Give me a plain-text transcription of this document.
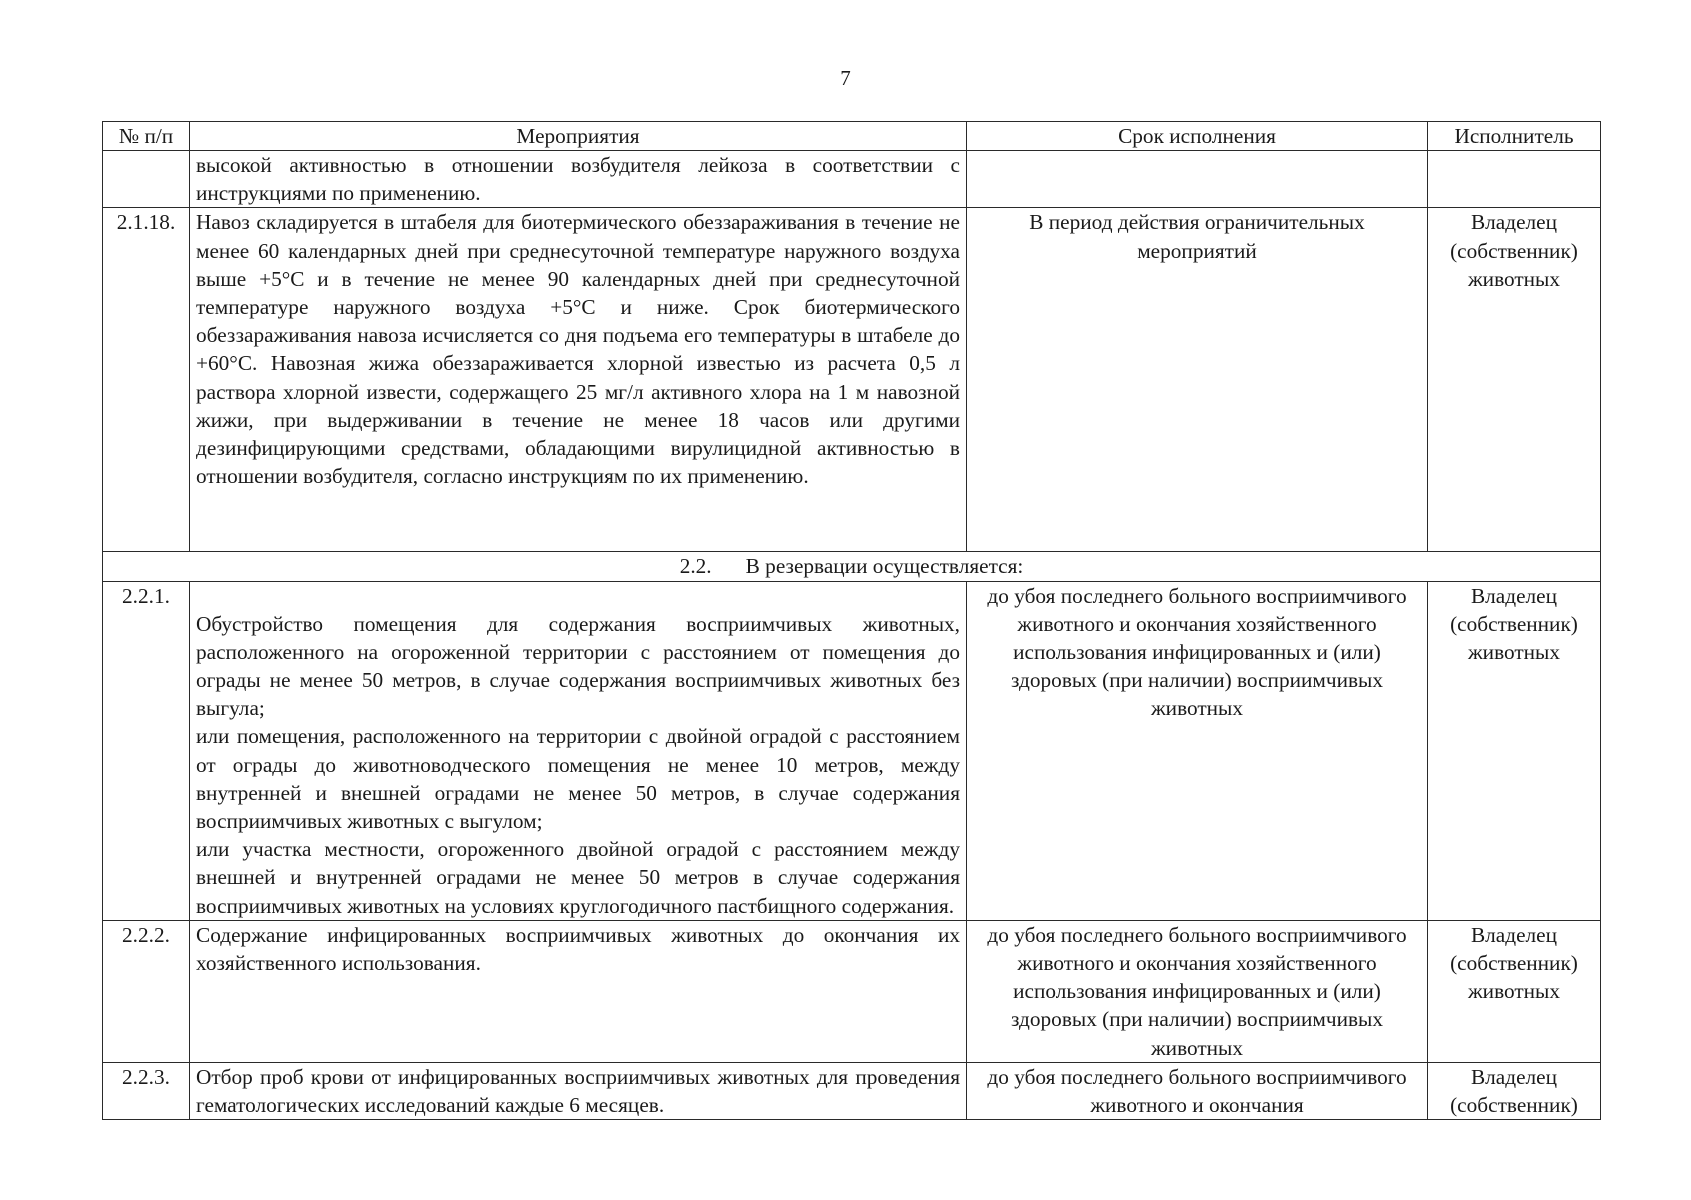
7
№ п/п	Мероприятия	Срок исполнения	Исполнитель
	высокой активностью в отношении возбудителя лейкоза в соответствии с инструкциями по применению.		
2.1.18.	Навоз складируется в штабеля для биотермического обеззараживания в течение не менее 60 календарных дней при среднесуточной температуре наружного воздуха выше +5°С и в течение не менее 90 календарных дней при среднесуточной температуре наружного воздуха +5°С и ниже. Срок биотермического обеззараживания навоза исчисляется со дня подъема его температуры в штабеле до +60°С. Навозная жижа обеззараживается хлорной известью из расчета 0,5 л раствора хлорной извести, содержащего 25 мг/л активного хлора на 1 м навозной жижи, при выдерживании в течение не менее 18 часов или другими дезинфицирующими средствами, обладающими вирулицидной активностью в отношении возбудителя, согласно инструкциям по их применению.	В период действия ограничительных мероприятий	Владелец (собственник) животных
2.2. В резервации осуществляется:			
2.2.1.	Обустройство помещения для содержания восприимчивых животных, расположенного на огороженной территории с расстоянием от помещения до ограды не менее 50 метров, в случае содержания восприимчивых животных без выгула;

или помещения, расположенного на территории с двойной оградой с расстоянием от ограды до животноводческого помещения не менее 10 метров, между внутренней и внешней оградами не менее 50 метров, в случае содержания восприимчивых животных с выгулом;

или участка местности, огороженного двойной оградой с расстоянием между внешней и внутренней оградами не менее 50 метров в случае содержания восприимчивых животных на условиях круглогодичного пастбищного содержания.	до убоя последнего больного восприимчивого животного и окончания хозяйственного использования инфицированных и (или) здоровых (при наличии) восприимчивых животных	Владелец (собственник) животных
2.2.2.	Содержание инфицированных восприимчивых животных до окончания их хозяйственного использования.	до убоя последнего больного восприимчивого животного и окончания хозяйственного использования инфицированных и (или) здоровых (при наличии) восприимчивых животных	Владелец (собственник) животных
2.2.3.	Отбор проб крови от инфицированных восприимчивых животных для проведения гематологических исследований каждые 6 месяцев.	до убоя последнего больного восприимчивого животного и окончания	Владелец (собственник)
